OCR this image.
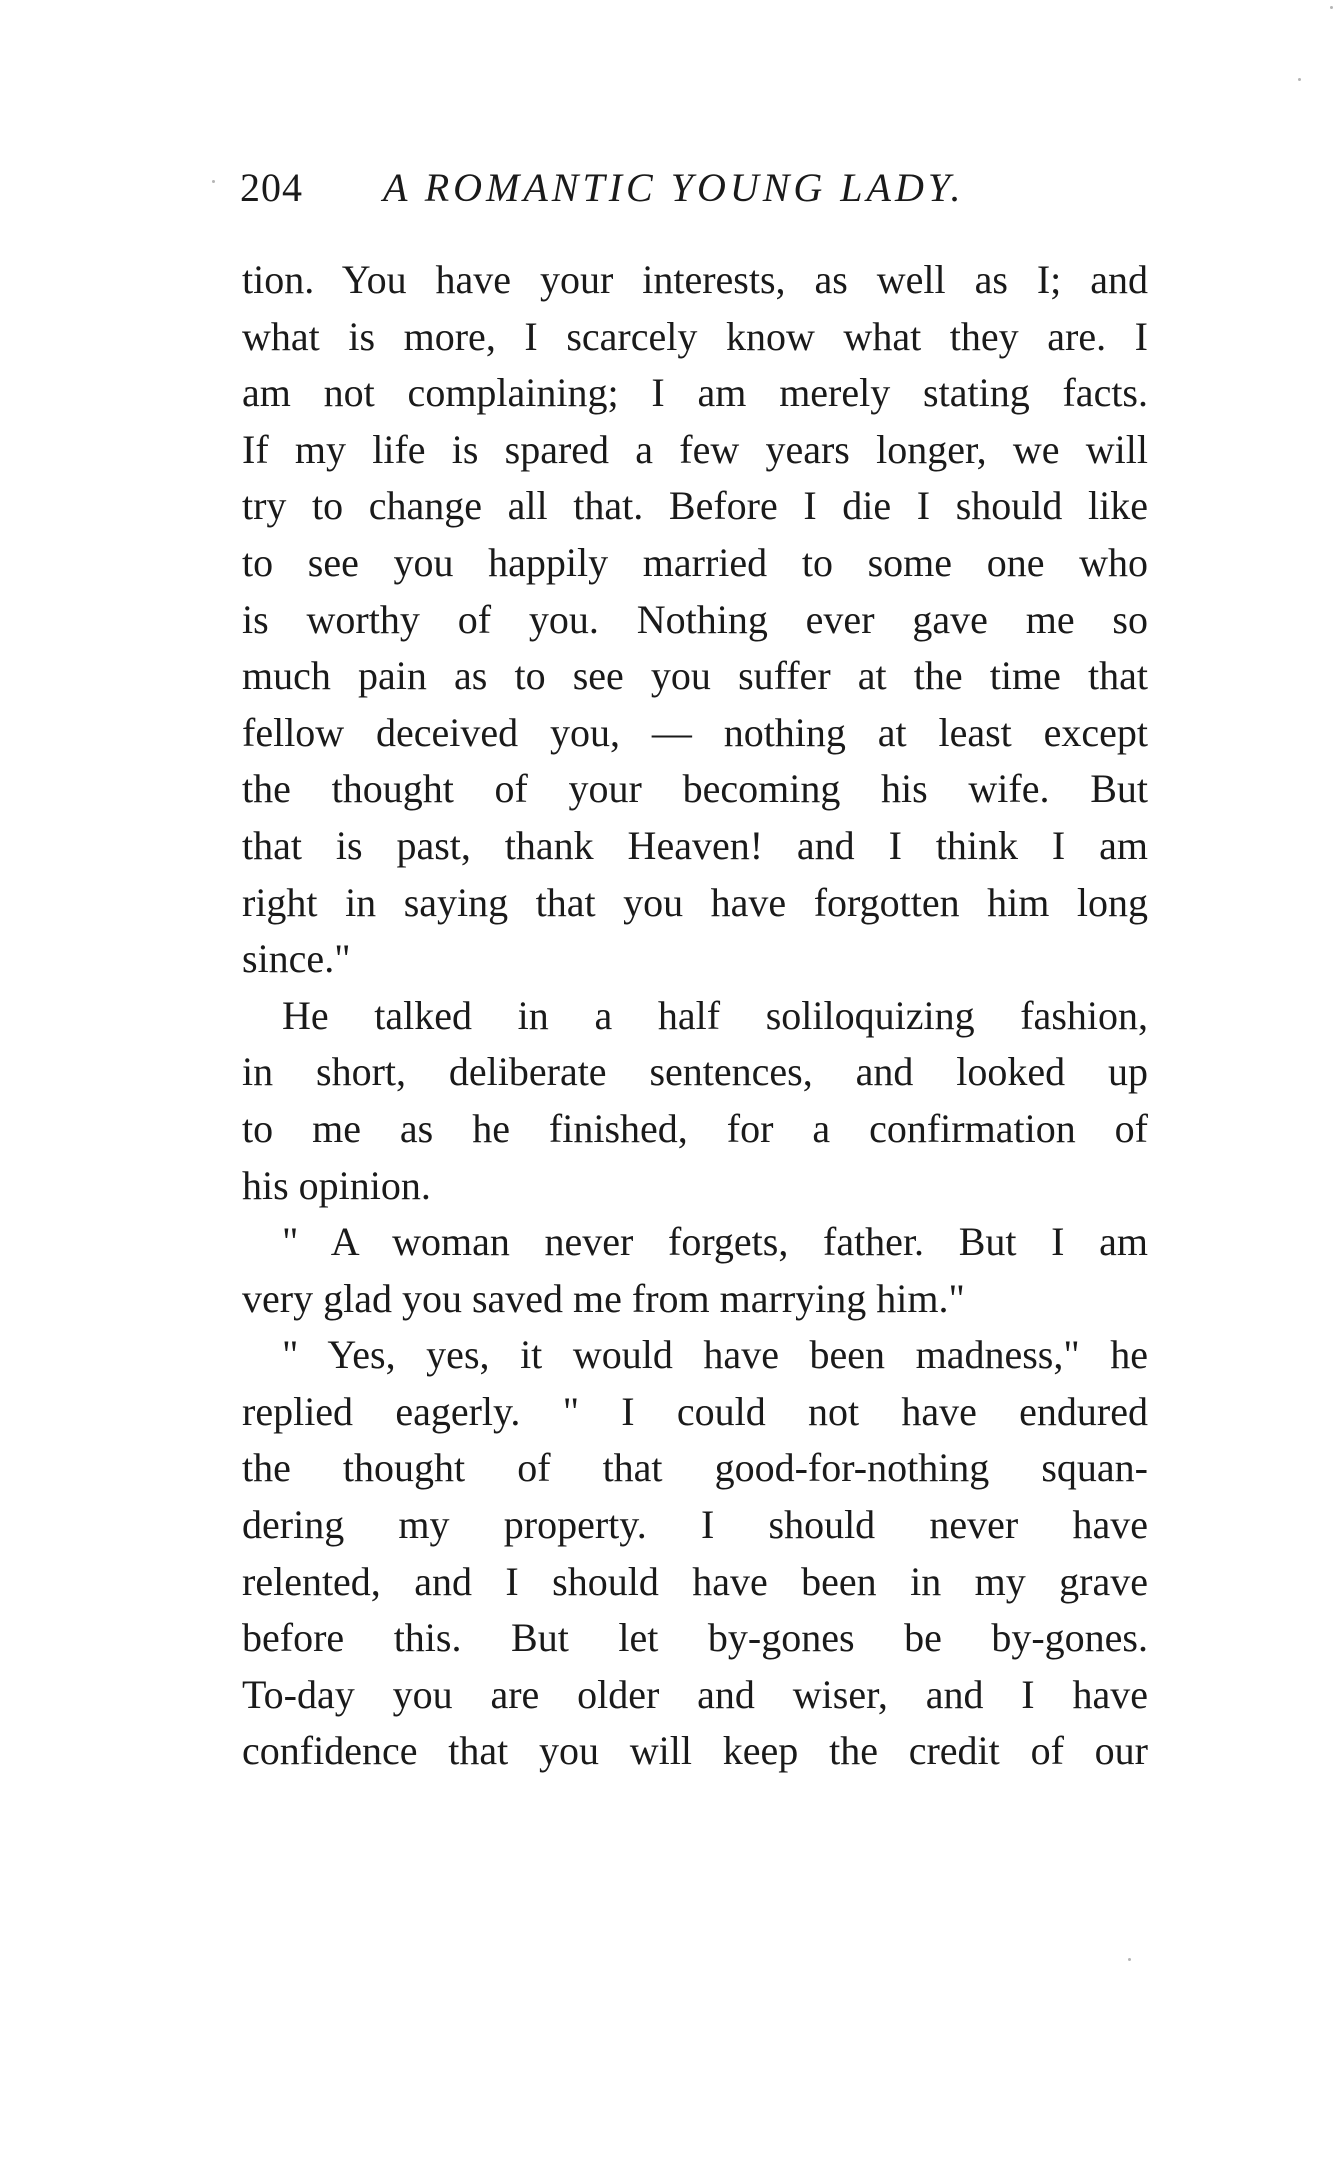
204 A ROMANTIC YOUNG LADY.
tion. You have your interests, as well as I; and
what is more, I scarcely know what they are. I
am not complaining; I am merely stating facts.
If my life is spared a few years longer, we will
try to change all that. Before I die I should like
to see you happily married to some one who
is worthy of you. Nothing ever gave me so
much pain as to see you suffer at the time that
fellow deceived you, — nothing at least except
the thought of your becoming his wife. But
that is past, thank Heaven! and I think I am
right in saying that you have forgotten him long
since."
He talked in a half soliloquizing fashion,
in short, deliberate sentences, and looked up
to me as he finished, for a confirmation of
his opinion.
" A woman never forgets, father. But I am
very glad you saved me from marrying him."
" Yes, yes, it would have been madness," he
replied eagerly. " I could not have endured
the thought of that good-for-nothing squan-
dering my property. I should never have
relented, and I should have been in my grave
before this. But let by-gones be by-gones.
To-day you are older and wiser, and I have
confidence that you will keep the credit of our
